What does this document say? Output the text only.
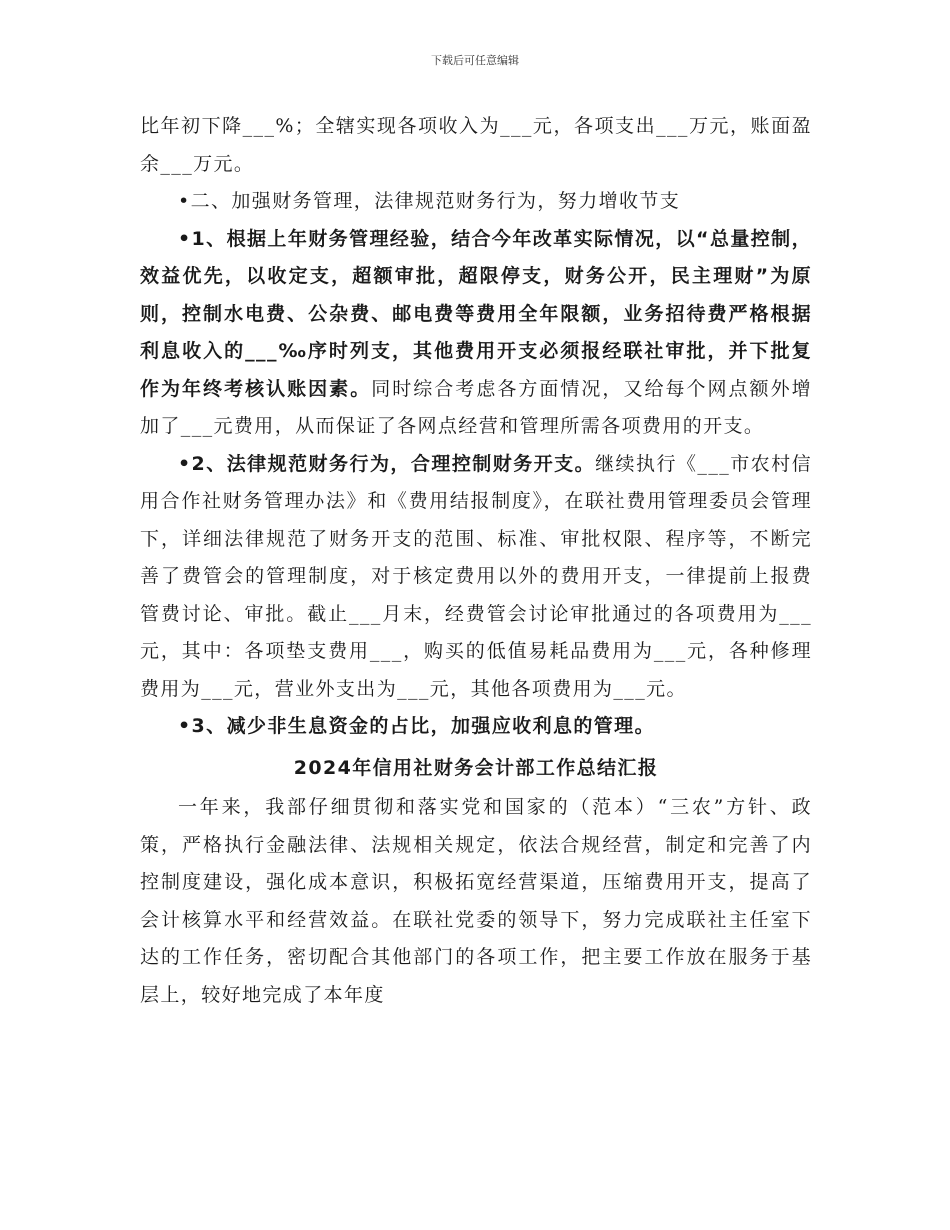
下载后可任意编辑

比年初下降___%；全辖实现各项收入为___元，各项支出___万元，账面盈余___万元。

•二、加强财务管理，法律规范财务行为，努力增收节支

•1、根据上年财务管理经验，结合今年改革实际情况，以“总量控制，效益优先，以收定支，超额审批，超限停支，财务公开，民主理财”为原则，控制水电费、公杂费、邮电费等费用全年限额，业务招待费严格根据利息收入的___‰序时列支，其他费用开支必须报经联社审批，并下批复作为年终考核认账因素。同时综合考虑各方面情况，又给每个网点额外增加了___元费用，从而保证了各网点经营和管理所需各项费用的开支。

•2、法律规范财务行为，合理控制财务开支。继续执行《___市农村信用合作社财务管理办法》和《费用结报制度》，在联社费用管理委员会管理下，详细法律规范了财务开支的范围、标准、审批权限、程序等，不断完善了费管会的管理制度，对于核定费用以外的费用开支，一律提前上报费管费讨论、审批。截止___月末，经费管会讨论审批通过的各项费用为___元，其中：各项垫支费用___，购买的低值易耗品费用为___元，各种修理费用为___元，营业外支出为___元，其他各项费用为___元。

•3、减少非生息资金的占比，加强应收利息的管理。

2024年信用社财务会计部工作总结汇报

一年来，我部仔细贯彻和落实党和国家的（范本）“三农”方针、政策，严格执行金融法律、法规相关规定，依法合规经营，制定和完善了内控制度建设，强化成本意识，积极拓宽经营渠道，压缩费用开支，提高了会计核算水平和经营效益。在联社党委的领导下，努力完成联社主任室下达的工作任务，密切配合其他部门的各项工作，把主要工作放在服务于基层上，较好地完成了本年度
